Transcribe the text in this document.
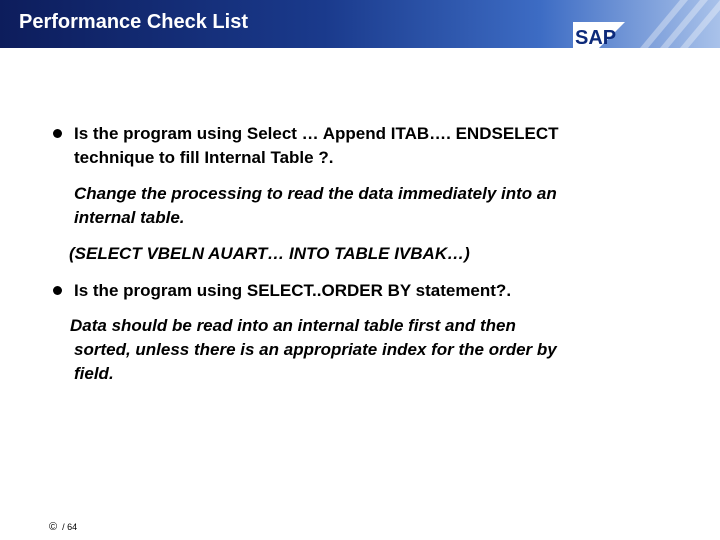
Performance Check List
SAP
Is the program using Select … Append ITAB…. ENDSELECT
technique to fill Internal Table ?.
Change the processing to read the data immediately into an
internal table.
(SELECT VBELN AUART… INTO TABLE IVBAK…)
Is the program using SELECT..ORDER BY statement?.
Data should be read into an internal table first and then
sorted, unless there is an appropriate index for the order by
field.
© / 64
